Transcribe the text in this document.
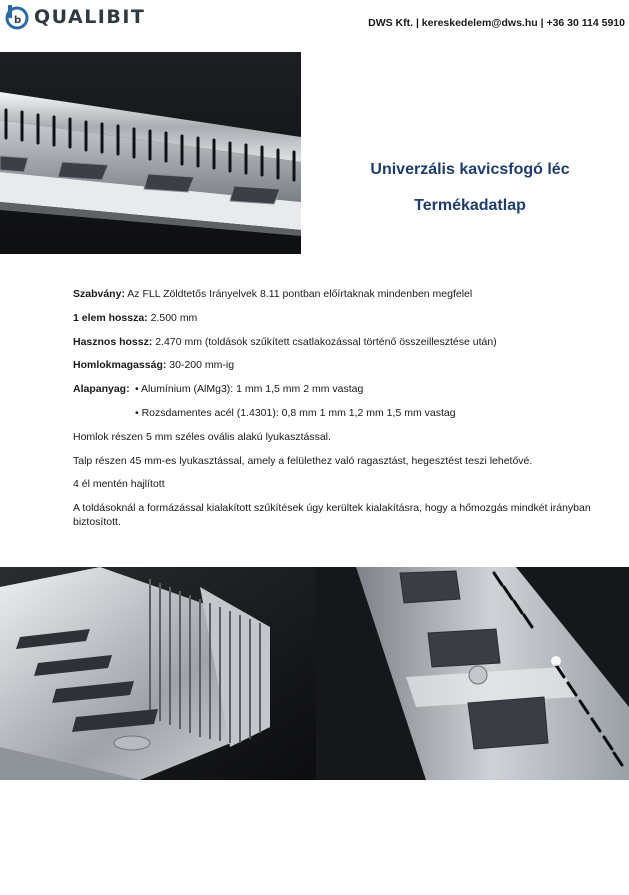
b QUALIBIT	DWS Kft. | kereskedelem@dws.hu | +36 30 114 5910
Univerzális kavicsfogó léc
Termékadatlap

Szabvány: Az FLL Zöldtetős Irányelvek 8.11 pontban előírtaknak mindenben megfelel

1 elem hossza: 2.500 mm

Hasznos hossz: 2.470 mm (toldások szűkített csatlakozással történő összeillesztése után)

Homlokmagasság: 30-200 mm-ig

Alapanyag: • Alumínium (AlMg3): 1 mm 1,5 mm 2 mm vastag

• Rozsdamentes acél (1.4301): 0,8 mm 1 mm 1,2 mm 1,5 mm vastag

Homlok részen 5 mm széles ovális alakú lyukasztással.

Talp részen 45 mm-es lyukasztással, amely a felülethez való ragasztást, hegesztést teszi lehetővé.

4 él mentén hajlított

A toldásoknál a formázással kialakított szűkítések úgy kerültek kialakításra, hogy a hőmozgás mindkét irányban biztosított.
